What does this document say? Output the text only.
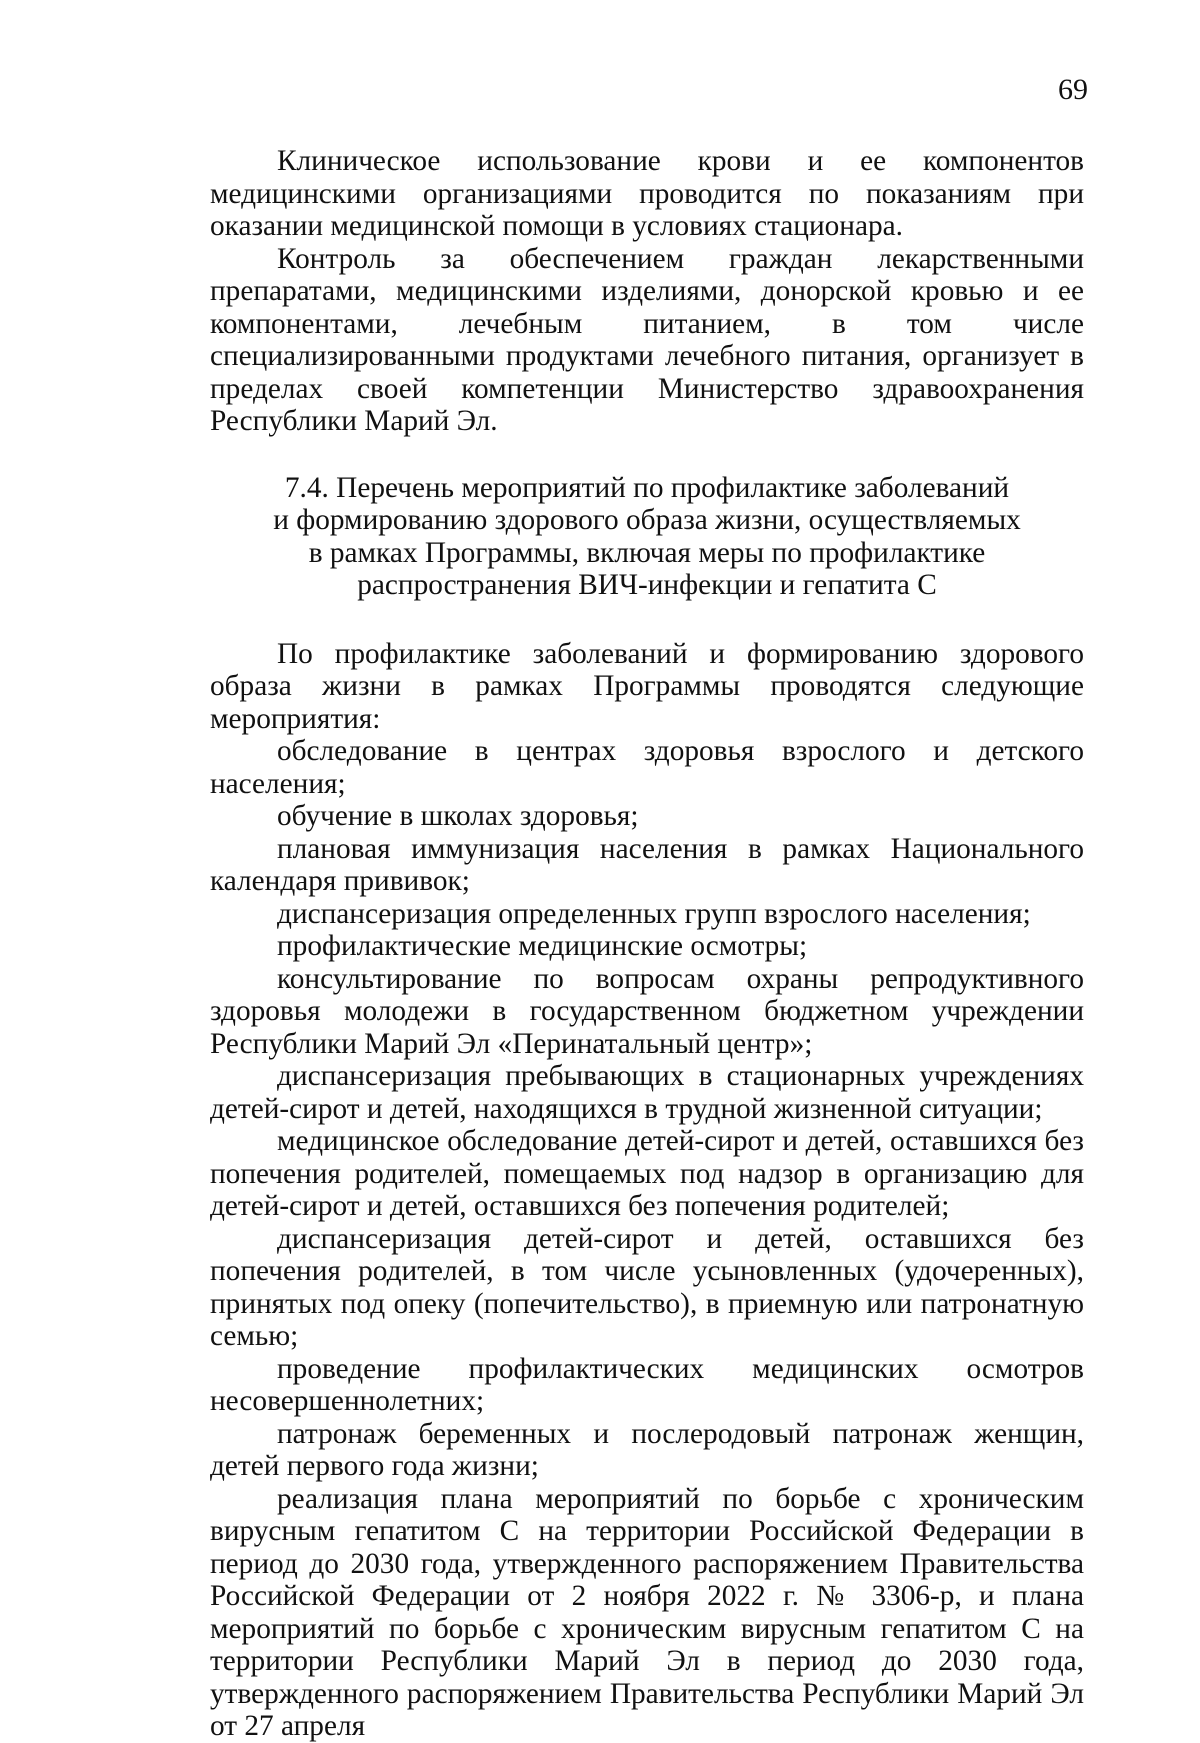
69

Клиническое использование крови и ее компонентов медицинскими организациями проводится по показаниям при оказании медицинской помощи в условиях стационара.

Контроль за обеспечением граждан лекарственными препаратами, медицинскими изделиями, донорской кровью и ее компонентами, лечебным питанием, в том числе специализированными продуктами лечебного питания, организует в пределах своей компетенции Министерство здравоохранения Республики Марий Эл.

7.4. Перечень мероприятий по профилактике заболеваний

и формированию здорового образа жизни, осуществляемых

в рамках Программы, включая меры по профилактике

распространения ВИЧ-инфекции и гепатита С

По профилактике заболеваний и формированию здорового образа жизни в рамках Программы проводятся следующие мероприятия:

обследование в центрах здоровья взрослого и детского населения;

обучение в школах здоровья;

плановая иммунизация населения в рамках Национального календаря прививок;

диспансеризация определенных групп взрослого населения;

профилактические медицинские осмотры;

консультирование по вопросам охраны репродуктивного здоровья молодежи в государственном бюджетном учреждении Республики Марий Эл «Перинатальный центр»;

диспансеризация пребывающих в стационарных учреждениях детей-сирот и детей, находящихся в трудной жизненной ситуации;

медицинское обследование детей-сирот и детей, оставшихся без попечения родителей, помещаемых под надзор в организацию для детей-сирот и детей, оставшихся без попечения родителей;

диспансеризация детей-сирот и детей, оставшихся без попечения родителей, в том числе усыновленных (удочеренных), принятых под опеку (попечительство), в приемную или патронатную семью;

проведение профилактических медицинских осмотров несовершеннолетних;

патронаж беременных и послеродовый патронаж женщин, детей первого года жизни;

реализация плана мероприятий по борьбе с хроническим вирусным гепатитом С на территории Российской Федерации в период до 2030 года, утвержденного распоряжением Правительства Российской Федерации от 2 ноября 2022 г. № 3306-р, и плана мероприятий по борьбе с хроническим вирусным гепатитом С на территории Республики Марий Эл в период до 2030 года, утвержденного распоряжением Правительства Республики Марий Эл от 27 апреля
